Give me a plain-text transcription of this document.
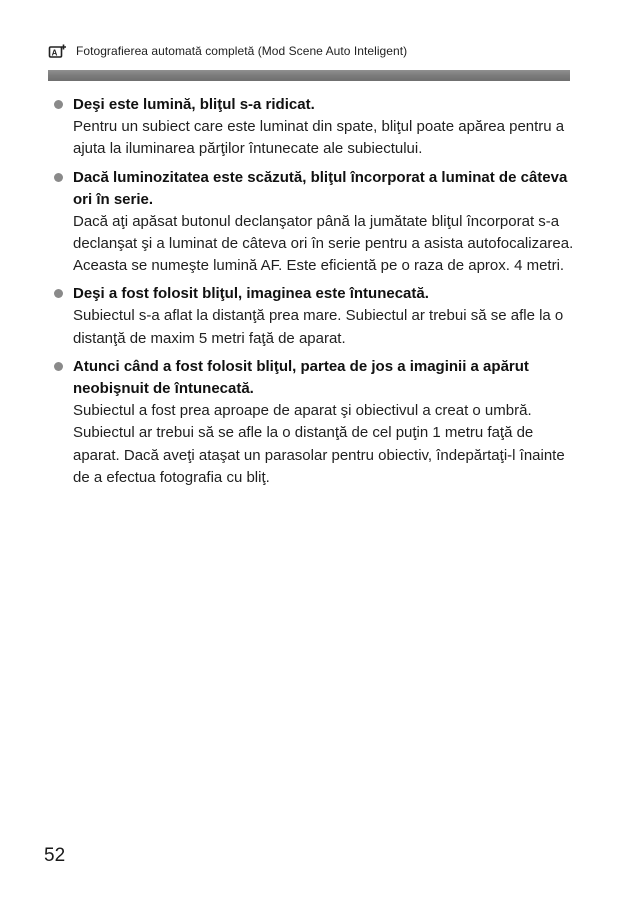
A Fotografierea automată completă (Mod Scene Auto Inteligent)

Deşi este lumină, bliţul s-a ridicat.

Pentru un subiect care este luminat din spate, bliţul poate apărea pentru a ajuta la iluminarea părţilor întunecate ale subiectului.

Dacă luminozitatea este scăzută, bliţul încorporat a luminat de câteva ori în serie.

Dacă aţi apăsat butonul declanşator până la jumătate bliţul încorporat s-a declanşat şi a luminat de câteva ori în serie pentru a asista autofocalizarea. Aceasta se numeşte lumină AF. Este eficientă pe o raza de aprox. 4 metri.

Deşi a fost folosit bliţul, imaginea este întunecată.

Subiectul s-a aflat la distanţă prea mare. Subiectul ar trebui să se afle la o distanţă de maxim 5 metri faţă de aparat.

Atunci când a fost folosit bliţul, partea de jos a imaginii a apărut neobişnuit de întunecată.

Subiectul a fost prea aproape de aparat şi obiectivul a creat o umbră. Subiectul ar trebui să se afle la o distanţă de cel puţin 1 metru faţă de aparat. Dacă aveţi ataşat un parasolar pentru obiectiv, îndepărtaţi-l înainte de a efectua fotografia cu bliţ.

52
